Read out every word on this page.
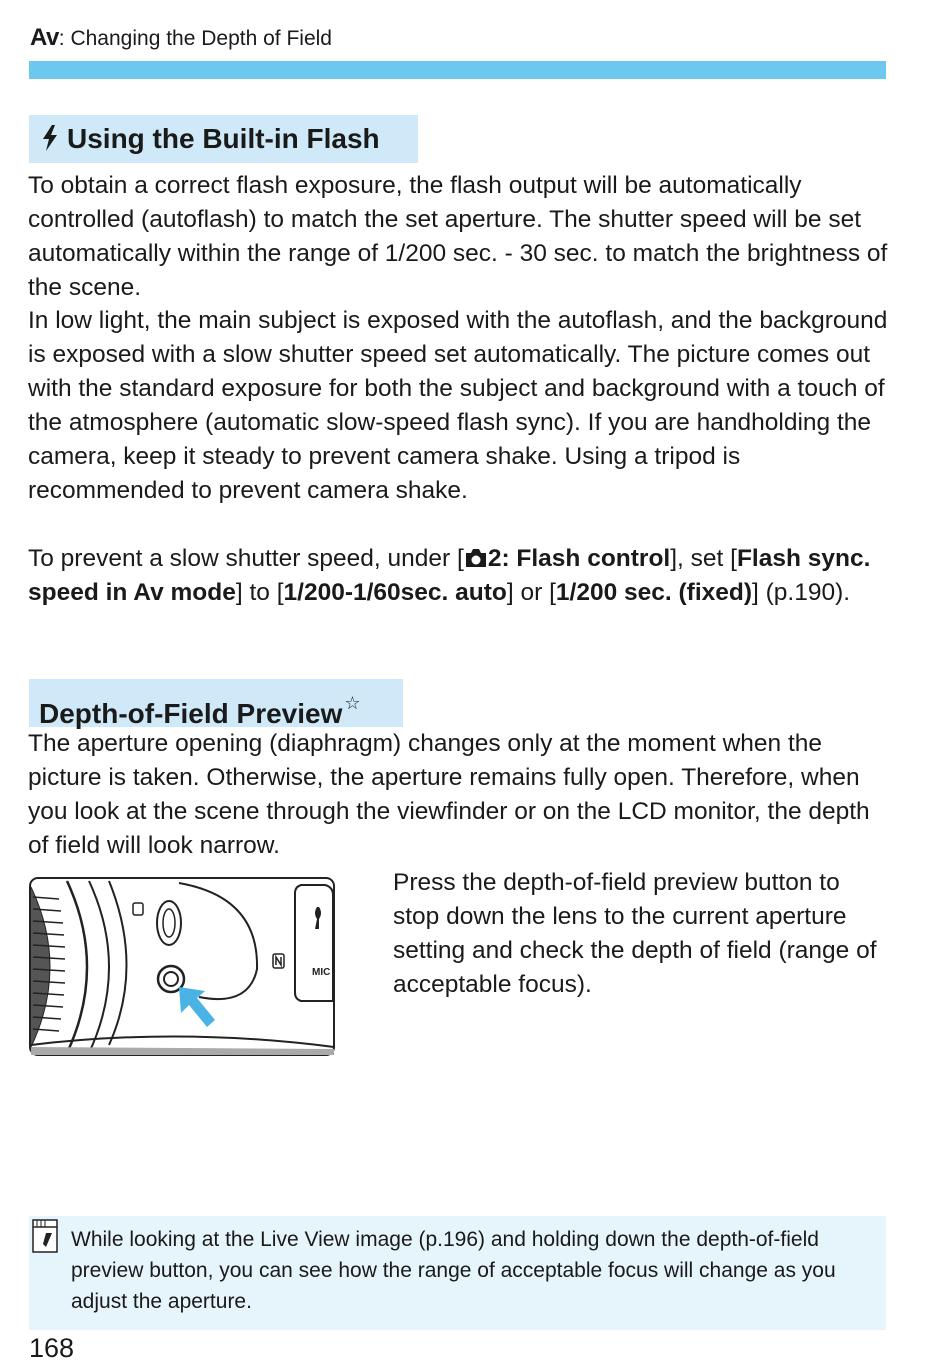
Av: Changing the Depth of Field
Using the Built-in Flash
To obtain a correct flash exposure, the flash output will be automatically controlled (autoflash) to match the set aperture. The shutter speed will be set automatically within the range of 1/200 sec. - 30 sec. to match the brightness of the scene.
In low light, the main subject is exposed with the autoflash, and the background is exposed with a slow shutter speed set automatically. The picture comes out with the standard exposure for both the subject and background with a touch of the atmosphere (automatic slow-speed flash sync). If you are handholding the camera, keep it steady to prevent camera shake. Using a tripod is recommended to prevent camera shake.
To prevent a slow shutter speed, under [ 2: Flash control], set [Flash sync. speed in Av mode] to [1/200-1/60sec. auto] or [1/200 sec. (fixed)] (p.190).
Depth-of-Field Preview ☆
The aperture opening (diaphragm) changes only at the moment when the picture is taken. Otherwise, the aperture remains fully open. Therefore, when you look at the scene through the viewfinder or on the LCD monitor, the depth of field will look narrow.
MIC
Press the depth-of-field preview button to stop down the lens to the current aperture setting and check the depth of field (range of acceptable focus).
While looking at the Live View image (p.196) and holding down the depth-of-field preview button, you can see how the range of acceptable focus will change as you adjust the aperture.
168
